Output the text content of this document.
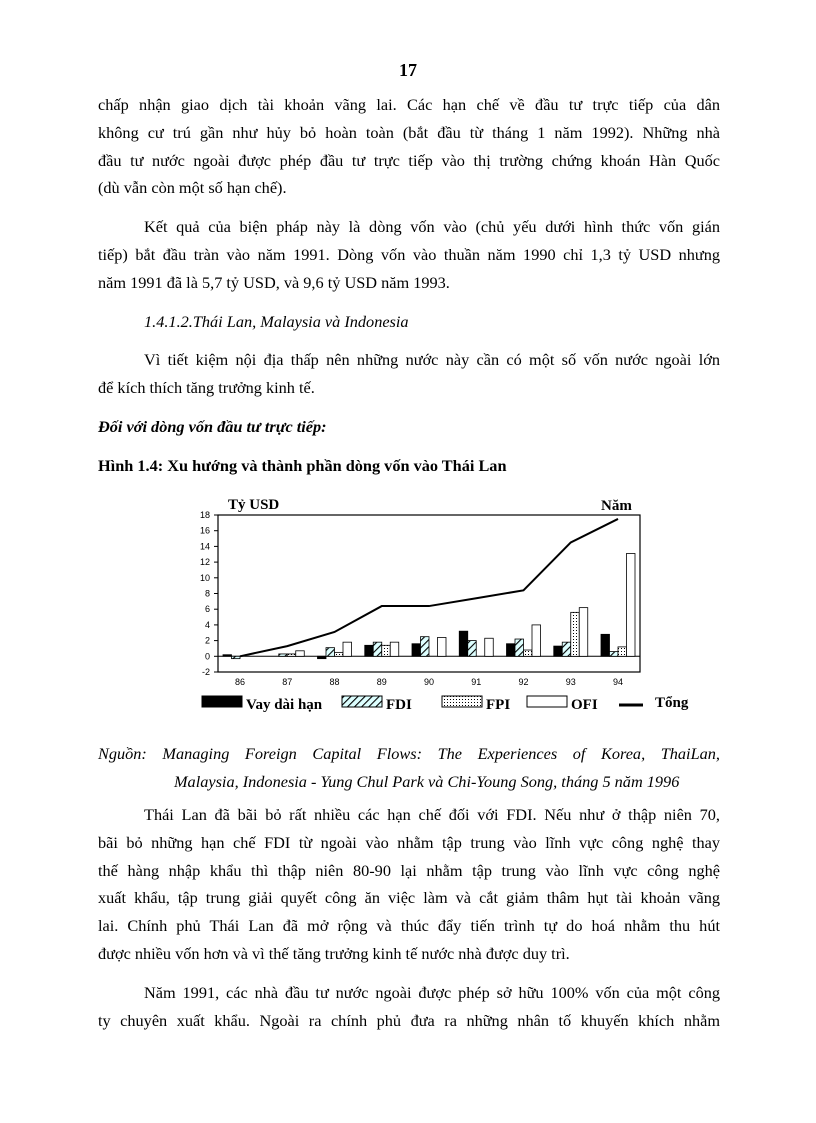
17
chấp nhận giao dịch tài khoản vãng lai. Các hạn chế về đầu tư trực tiếp của dân
không cư trú gần như hủy bỏ hoàn toàn (bắt đầu từ tháng 1 năm 1992). Những nhà
đầu tư nước ngoài được phép đầu tư trực tiếp vào thị trường chứng khoán Hàn Quốc
(dù vẫn còn một số hạn chế).
Kết quả của biện pháp này là dòng vốn vào (chủ yếu dưới hình thức vốn gián
tiếp) bắt đầu tràn vào năm 1991. Dòng vốn vào thuần năm 1990 chỉ 1,3 tỷ USD nhưng
năm 1991 đã là 5,7 tỷ USD, và 9,6 tỷ USD năm 1993.
1.4.1.2.Thái Lan, Malaysia và Indonesia
Vì tiết kiệm nội địa thấp nên những nước này cần có một số vốn nước ngoài lớn
để kích thích tăng trưởng kinh tế.
Đối với dòng vốn đầu tư trực tiếp:
Hình 1.4: Xu hướng và thành phần dòng vốn vào Thái Lan
Tỷ USD	Năm
18
16
14
12
10
8
6
4
2
0
-2
86	87	88	89	90	91	92	93	94
Vay dài hạn	FDI	FPI	OFI	Tổng
Nguồn: Managing Foreign Capital Flows: The Experiences of Korea, ThaiLan,
Malaysia, Indonesia - Yung Chul Park và Chi-Young Song, tháng 5 năm 1996
Thái Lan đã bãi bỏ rất nhiều các hạn chế đối với FDI. Nếu như ở thập niên 70,
bãi bỏ những hạn chế FDI từ ngoài vào nhằm tập trung vào lĩnh vực công nghệ thay
thế hàng nhập khẩu thì thập niên 80-90 lại nhằm tập trung vào lĩnh vực công nghệ
xuất khẩu, tập trung giải quyết công ăn việc làm và cắt giảm thâm hụt tài khoản vãng
lai. Chính phủ Thái Lan đã mở rộng và thúc đẩy tiến trình tự do hoá nhằm thu hút
được nhiều vốn hơn và vì thế tăng trưởng kinh tế nước nhà được duy trì.
Năm 1991, các nhà đầu tư nước ngoài được phép sở hữu 100% vốn của một công
ty chuyên xuất khẩu. Ngoài ra chính phủ đưa ra những nhân tố khuyến khích nhằm
